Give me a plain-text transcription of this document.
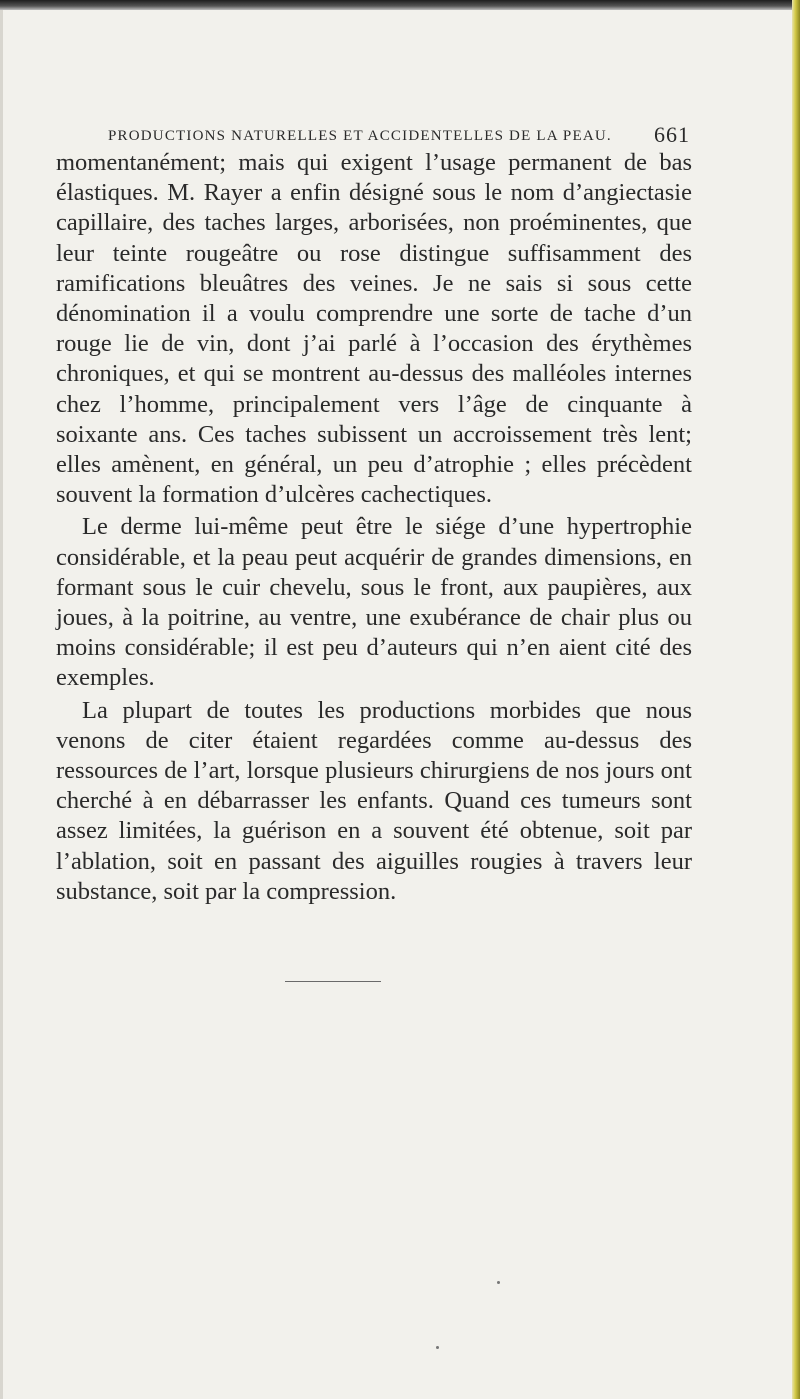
PRODUCTIONS NATURELLES ET ACCIDENTELLES DE LA PEAU. 661

momentanément; mais qui exigent l’usage permanent de bas élastiques. M. Rayer a enfin désigné sous le nom d’angiectasie capillaire, des taches larges, arborisées, non proéminentes, que leur teinte rougeâtre ou rose distingue suffisamment des ramifications bleuâtres des veines. Je ne sais si sous cette dénomination il a voulu comprendre une sorte de tache d’un rouge lie de vin, dont j’ai parlé à l’occasion des érythèmes chroniques, et qui se montrent au-dessus des malléoles internes chez l’homme, principalement vers l’âge de cinquante à soixante ans. Ces taches subissent un accroissement très lent; elles amènent, en général, un peu d’atrophie ; elles précèdent souvent la formation d’ulcères cachectiques.

Le derme lui-même peut être le siége d’une hypertrophie considérable, et la peau peut acquérir de grandes dimensions, en formant sous le cuir chevelu, sous le front, aux paupières, aux joues, à la poitrine, au ventre, une exubérance de chair plus ou moins considérable; il est peu d’auteurs qui n’en aient cité des exemples.

La plupart de toutes les productions morbides que nous venons de citer étaient regardées comme au-dessus des ressources de l’art, lorsque plusieurs chirurgiens de nos jours ont cherché à en débarrasser les enfants. Quand ces tumeurs sont assez limitées, la guérison en a souvent été obtenue, soit par l’ablation, soit en passant des aiguilles rougies à travers leur substance, soit par la compression.
